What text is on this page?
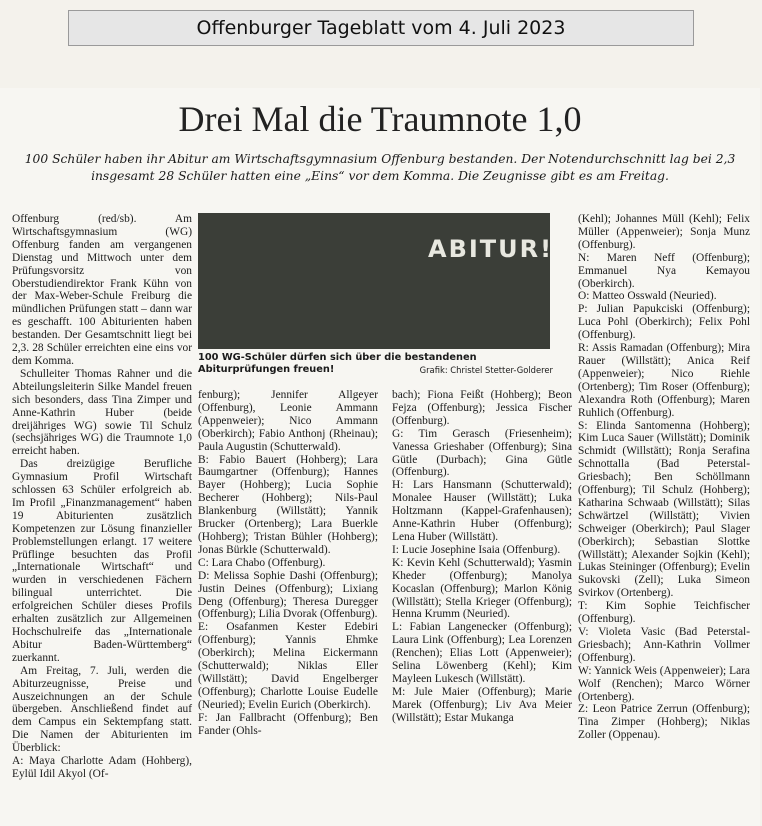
Offenburger Tageblatt vom 4. Juli 2023
Drei Mal die Traumnote 1,0
100 Schüler haben ihr Abitur am Wirtschaftsgymnasium Offenburg bestanden. Der Notendurchschnitt lag bei 2,3 insgesamt 28 Schüler hatten eine „Eins“ vor dem Komma. Die Zeugnisse gibt es am Freitag.

Offenburg (red/sb). Am Wirtschaftsgymnasium (WG) Offenburg fanden am vergangenen Dienstag und Mittwoch unter dem Prüfungsvorsitz von Oberstudiendirektor Frank Kühn von der Max-Weber-Schule Freiburg die mündlichen Prüfungen statt – dann war es geschafft. 100 Abiturienten haben bestanden. Der Gesamtschnitt liegt bei 2,3. 28 Schüler erreichten eine eins vor dem Komma.

Schulleiter Thomas Rahner und die Abteilungsleiterin Silke Mandel freuen sich besonders, dass Tina Zimper und Anne-Kathrin Huber (beide dreijähriges WG) sowie Til Schulz (sechsjähriges WG) die Traumnote 1,0 erreicht haben.

Das dreizügige Berufliche Gymnasium Profil Wirtschaft schlossen 63 Schüler erfolgreich ab. Im Profil „Finanzmanagement“ haben 19 Abiturienten zusätzlich Kompetenzen zur Lösung finanzieller Problemstellungen erlangt. 17 weitere Prüflinge besuchten das Profil „Internationale Wirtschaft“ und wurden in verschiedenen Fächern bilingual unterrichtet. Die erfolgreichen Schüler dieses Profils erhalten zusätzlich zur Allgemeinen Hochschulreife das „Internationale Abitur Baden-Württemberg“ zuerkannt.

Am Freitag, 7. Juli, werden die Abiturzeugnisse, Preise und Auszeichnungen an der Schule übergeben. Anschließend findet auf dem Campus ein Sektempfang statt. Die Namen der Abiturienten im Überblick:

A: Maya Charlotte Adam (Hohberg), Eylül Idil Akyol (Of-

ABITUR!
100 WG-Schüler dürfen sich über die bestandenen Abiturprüfungen freuen!	Grafik: Christel Stetter-Golderer

fenburg); Jennifer Allgeyer (Offenburg), Leonie Ammann (Appenweier); Nico Ammann (Oberkirch); Fabio Anthonj (Rheinau); Paula Augustin (Schutterwald).

B: Fabio Bauert (Hohberg); Lara Baumgartner (Offenburg); Hannes Bayer (Hohberg); Lucia Sophie Becherer (Hohberg); Nils-Paul Blankenburg (Willstätt); Yannik Brucker (Ortenberg); Lara Buerkle (Hohberg); Tristan Bühler (Hohberg); Jonas Bürkle (Schutterwald).

C: Lara Chabo (Offenburg).

D: Melissa Sophie Dashi (Offenburg); Justin Deines (Offenburg); Lixiang Deng (Offenburg); Theresa Duregger (Offenburg); Lilia Dvorak (Offenburg).

E: Osafanmen Kester Edebiri (Offenburg); Yannis Ehmke (Oberkirch); Melina Eickermann (Schutterwald); Niklas Eller (Willstätt); David Engelberger (Offenburg); Charlotte Louise Eudelle (Neuried); Evelin Eurich (Oberkirch).

F: Jan Fallbracht (Offenburg); Ben Fander (Ohls-

bach); Fiona Feißt (Hohberg); Beon Fejza (Offenburg); Jessica Fischer (Offenburg).

G: Tim Gerasch (Friesenheim); Vanessa Grieshaber (Offenburg); Sina Gütle (Durbach); Gina Gütle (Offenburg).

H: Lars Hansmann (Schutterwald); Monalee Hauser (Willstätt); Luka Holtzmann (Kappel-Grafenhausen); Anne-Kathrin Huber (Offenburg); Lena Huber (Willstätt).

I: Lucie Josephine Isaia (Offenburg).

K: Kevin Kehl (Schutterwald); Yasmin Kheder (Offenburg); Manolya Kocaslan (Offenburg); Marlon König (Willstätt); Stella Krieger (Offenburg); Henna Krumm (Neuried).

L: Fabian Langenecker (Offenburg); Laura Link (Offenburg); Lea Lorenzen (Renchen); Elias Lott (Appenweier); Selina Löwenberg (Kehl); Kim Mayleen Lukesch (Willstätt).

M: Jule Maier (Offenburg); Marie Marek (Offenburg); Liv Ava Meier (Willstätt); Estar Mukanga

(Kehl); Johannes Müll (Kehl); Felix Müller (Appenweier); Sonja Munz (Offenburg).

N: Maren Neff (Offenburg); Emmanuel Nya Kemayou (Oberkirch).

O: Matteo Osswald (Neuried).

P: Julian Papukciski (Offenburg); Luca Pohl (Oberkirch); Felix Pohl (Offenburg).

R: Assis Ramadan (Offenburg); Mira Rauer (Willstätt); Anica Reif (Appenweier); Nico Riehle (Ortenberg); Tim Roser (Offenburg); Alexandra Roth (Offenburg); Maren Ruhlich (Offenburg).

S: Elinda Santomenna (Hohberg); Kim Luca Sauer (Willstätt); Dominik Schmidt (Willstätt); Ronja Serafina Schnottalla (Bad Peterstal-Griesbach); Ben Schöllmann (Offenburg); Til Schulz (Hohberg); Katharina Schwaab (Willstätt); Silas Schwärtzel (Willstätt); Vivien Schweiger (Oberkirch); Paul Slager (Oberkirch); Sebastian Slottke (Willstätt); Alexander Sojkin (Kehl); Lukas Steininger (Offenburg); Evelin Sukovski (Zell); Luka Simeon Svirkov (Ortenberg).

T: Kim Sophie Teichfischer (Offenburg).

V: Violeta Vasic (Bad Peterstal-Griesbach); Ann-Kathrin Vollmer (Offenburg).

W: Yannick Weis (Appenweier); Lara Wolf (Renchen); Marco Wörner (Ortenberg).

Z: Leon Patrice Zerrun (Offenburg); Tina Zimper (Hohberg); Niklas Zoller (Oppenau).
